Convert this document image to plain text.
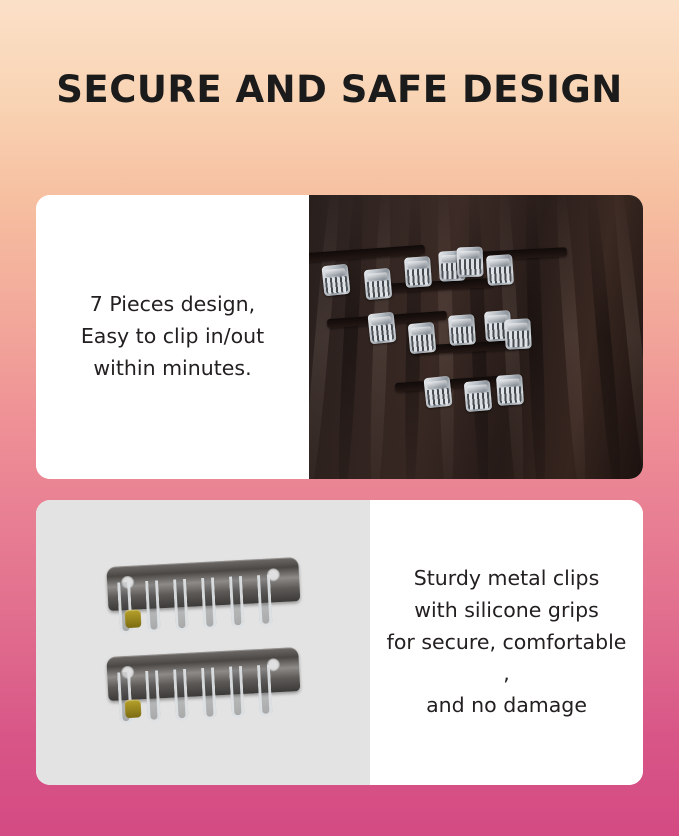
SECURE AND SAFE DESIGN
7 Pieces design,
Easy to clip in/out
within minutes.
Sturdy metal clips
with silicone grips
for secure, comfortable ,
and no damage
